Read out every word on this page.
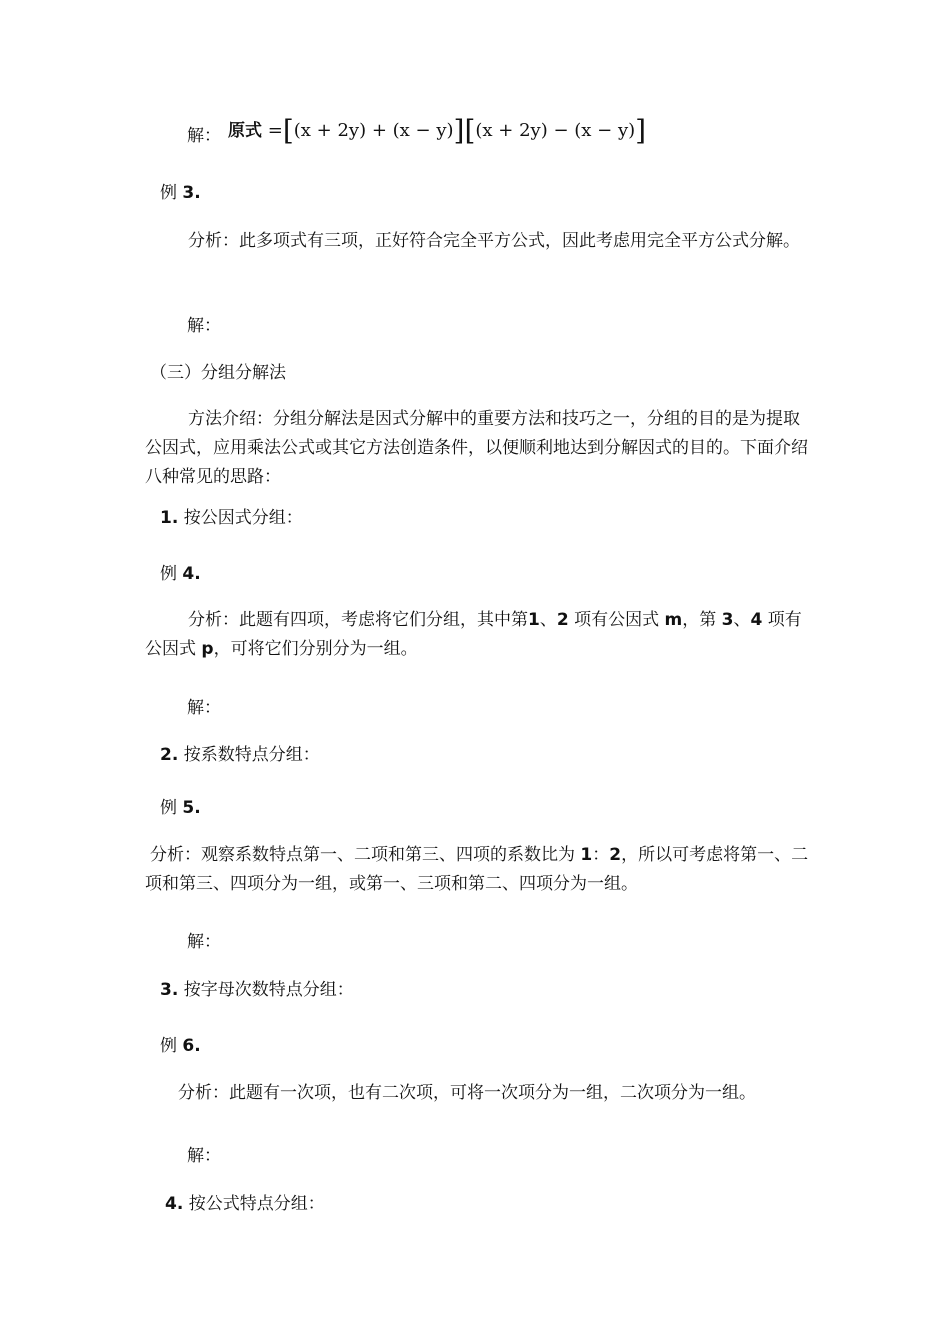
解： 原式 =[(x + 2y) + (x − y)][(x + 2y) − (x − y)]
例 3.
分析：此多项式有三项，正好符合完全平方公式，因此考虑用完全平方公式分解。
解：
（三）分组分解法
方法介绍：分组分解法是因式分解中的重要方法和技巧之一，分组的目的是为提取公因式，应用乘法公式或其它方法创造条件，以便顺利地达到分解因式的目的。下面介绍八种常见的思路：
1. 按公因式分组：
例 4.
分析：此题有四项，考虑将它们分组，其中第1、2 项有公因式 m，第 3、4 项有公因式 p，可将它们分别分为一组。
解：
2. 按系数特点分组：
例 5.
分析：观察系数特点第一、二项和第三、四项的系数比为 1：2，所以可考虑将第一、二项和第三、四项分为一组，或第一、三项和第二、四项分为一组。
解：
3. 按字母次数特点分组：
例 6.
分析：此题有一次项，也有二次项，可将一次项分为一组，二次项分为一组。
解：
4. 按公式特点分组：
